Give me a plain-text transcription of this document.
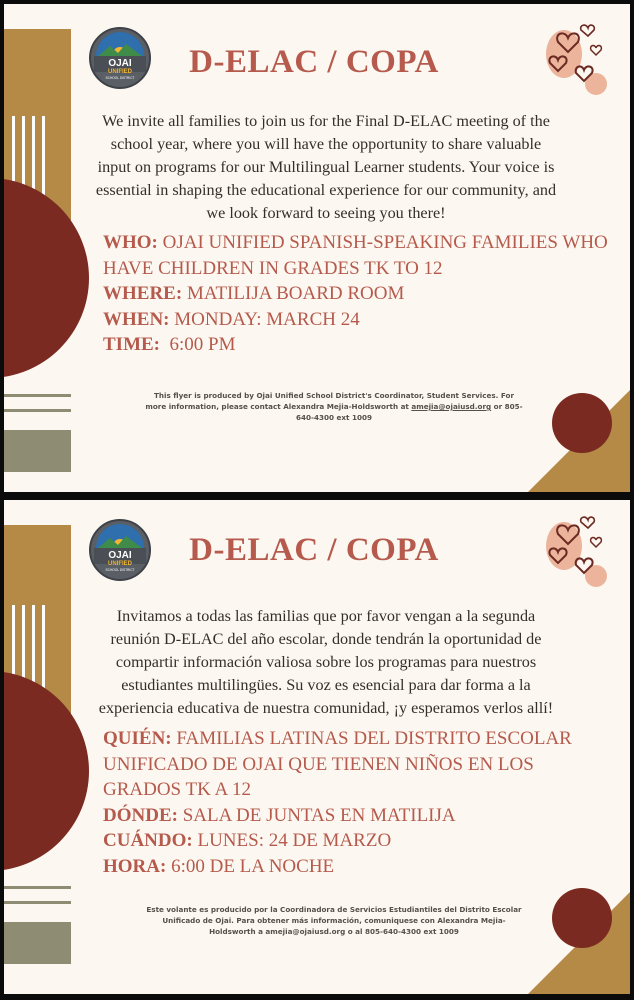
OJAI
UNIFIED
SCHOOL DISTRICT	D-ELAC / COPA

We invite all families to join us for the Final D-ELAC meeting of the school year, where you will have the opportunity to share valuable input on programs for our Multilingual Learner students. Your voice is essential in shaping the educational experience for our community, and we look forward to seeing you there!

WHO: OJAI UNIFIED SPANISH-SPEAKING FAMILIES WHO HAVE CHILDREN IN GRADES TK TO 12

WHERE: MATILIJA BOARD ROOM

WHEN: MONDAY: MARCH 24

TIME: 6:00 PM

This flyer is produced by Ojai Unified School District's Coordinator, Student Services. For more information, please contact Alexandra Mejia-Holdsworth at amejia@ojaiusd.org or 805-640-4300 ext 1009

OJAI
UNIFIED
SCHOOL DISTRICT
D-ELAC / COPA

Invitamos a todas las familias que por favor vengan a la segunda reunión D-ELAC del año escolar, donde tendrán la oportunidad de compartir información valiosa sobre los programas para nuestros estudiantes multilingües. Su voz es esencial para dar forma a la experiencia educativa de nuestra comunidad, ¡y esperamos verlos allí!

QUIÉN: FAMILIAS LATINAS DEL DISTRITO ESCOLAR UNIFICADO DE OJAI QUE TIENEN NIÑOS EN LOS GRADOS TK A 12

DÓNDE: SALA DE JUNTAS EN MATILIJA

CUÁNDO: LUNES: 24 DE MARZO

HORA: 6:00 DE LA NOCHE

Este volante es producido por la Coordinadora de Servicios Estudiantiles del Distrito Escolar Unificado de Ojai. Para obtener más información, comuniquese con Alexandra Mejia-Holdsworth a amejia@ojaiusd.org o al 805-640-4300 ext 1009
